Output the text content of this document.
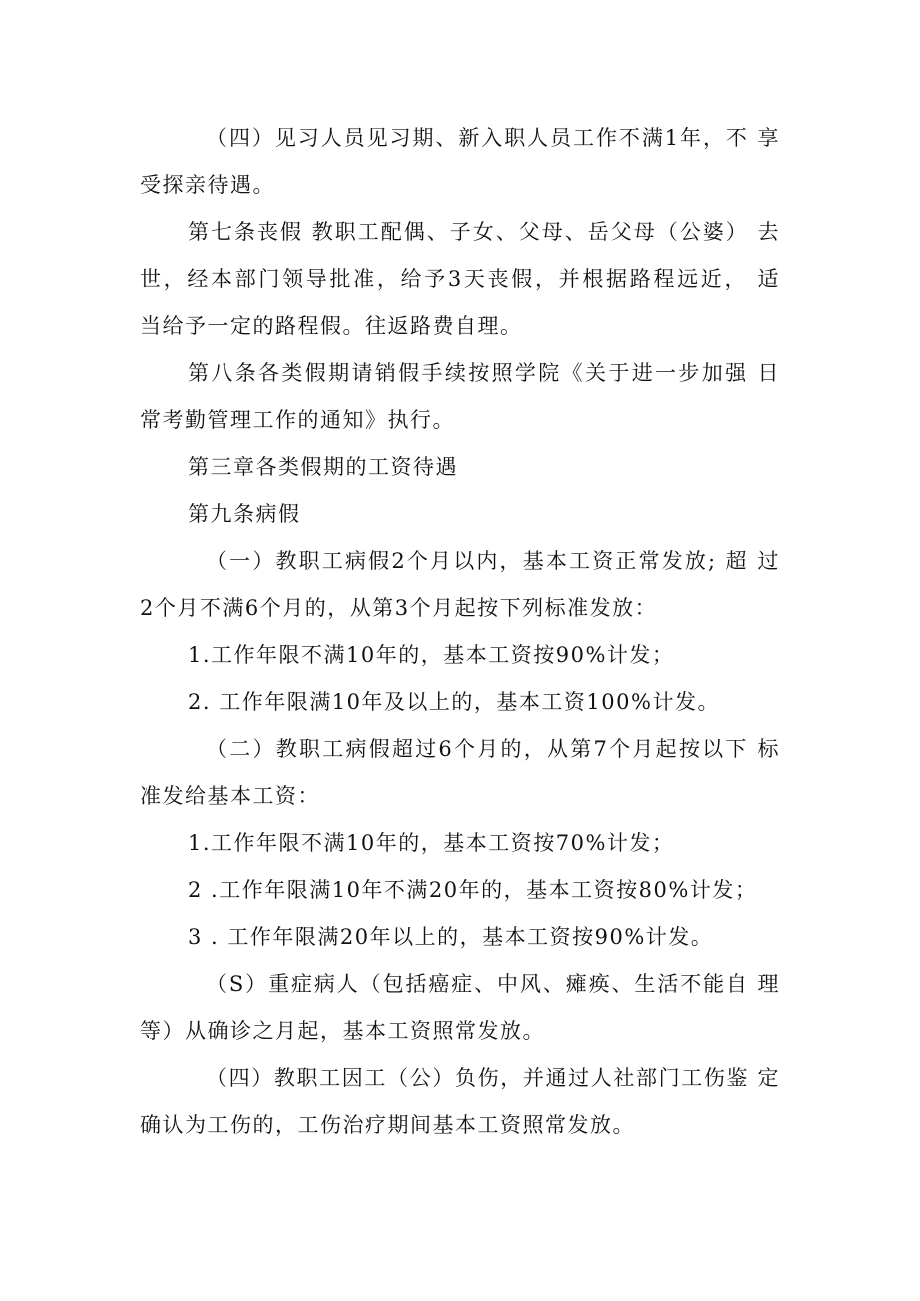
（四）见习人员见习期、新入职人员工作不满1年，不 享
受探亲待遇。
第七条丧假 教职工配偶、子女、父母、岳父母（公婆） 去
世，经本部门领导批准，给予3天丧假，并根据路程远近， 适
当给予一定的路程假。往返路费自理。
第八条各类假期请销假手续按照学院《关于进一步加强 日
常考勤管理工作的通知》执行。
第三章各类假期的工资待遇
第九条病假
（一）教职工病假2个月以内，基本工资正常发放; 超 过
2个月不满6个月的，从第3个月起按下列标准发放：
1.工作年限不满10年的，基本工资按90%计发；
2. 工作年限满10年及以上的，基本工资100%计发。
（二）教职工病假超过6个月的，从第7个月起按以下 标
准发给基本工资：
1.工作年限不满10年的，基本工资按70%计发；
2 .工作年限满10年不满20年的，基本工资按80%计发；
3 . 工作年限满20年以上的，基本工资按90%计发。
（S）重症病人（包括癌症、中风、瘫痪、生活不能自 理
等）从确诊之月起，基本工资照常发放。
（四）教职工因工（公）负伤，并通过人社部门工伤鉴 定
确认为工伤的，工伤治疗期间基本工资照常发放。
